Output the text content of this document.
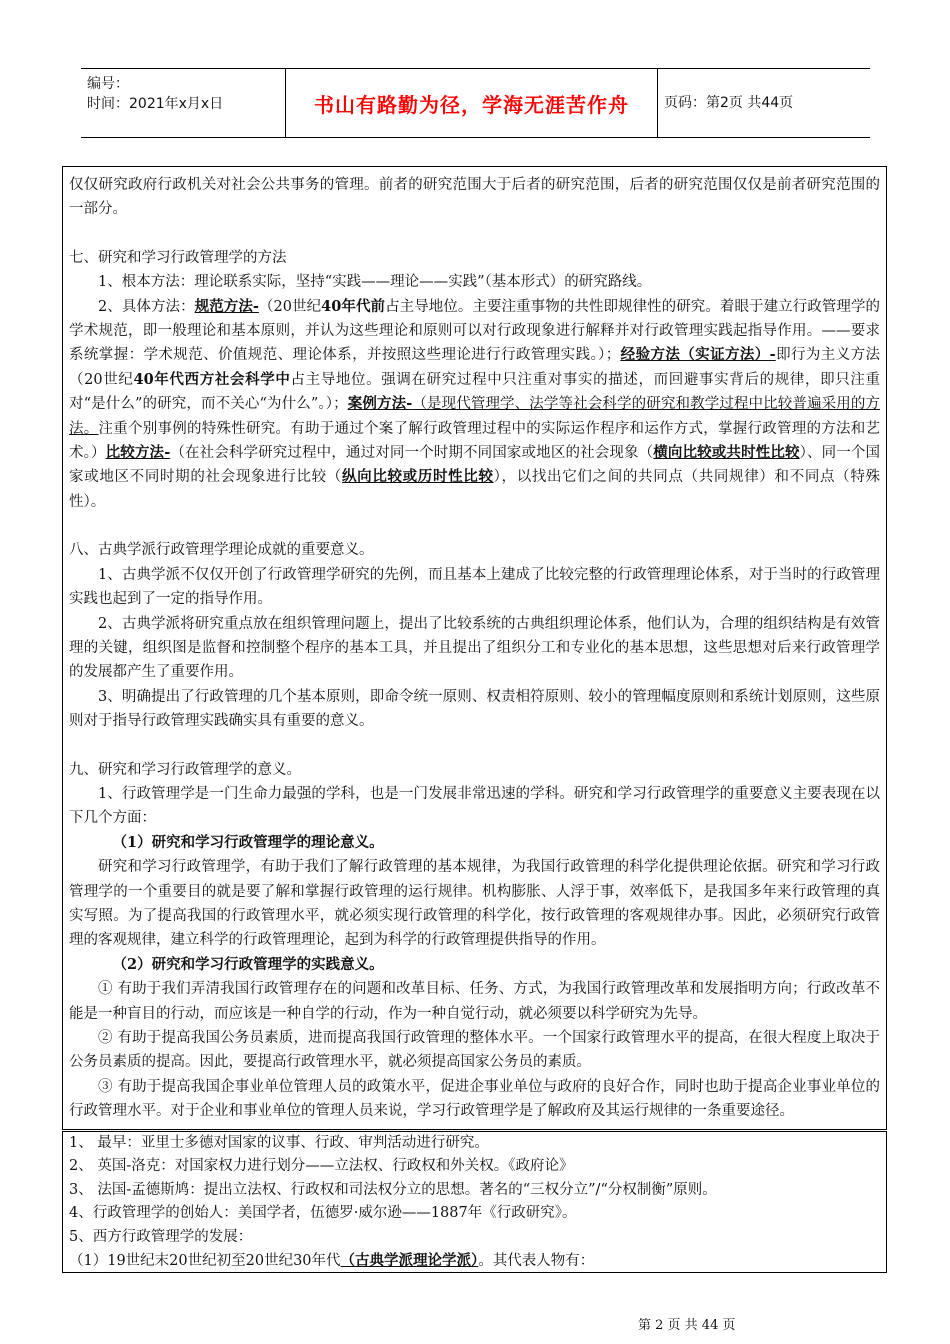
编号：
时间：2021年x月x日	书山有路勤为径，学海无涯苦作舟	页码：第2页 共44页

仅仅研究政府行政机关对社会公共事务的管理。前者的研究范围大于后者的研究范围，后者的研究范围仅仅是前者研究范围的一部分。

七、研究和学习行政管理学的方法

1、根本方法：理论联系实际，坚持“实践——理论——实践”（基本形式）的研究路线。

2、具体方法：规范方法-（20世纪40年代前占主导地位。主要注重事物的共性即规律性的研究。着眼于建立行政管理学的学术规范，即一般理论和基本原则，并认为这些理论和原则可以对行政现象进行解释并对行政管理实践起指导作用。——要求系统掌握：学术规范、价值规范、理论体系，并按照这些理论进行行政管理实践。）；经验方法（实证方法）-即行为主义方法（20世纪40年代西方社会科学中占主导地位。强调在研究过程中只注重对事实的描述，而回避事实背后的规律，即只注重对“是什么”的研究，而不关心“为什么”。）；案例方法-（是现代管理学、法学等社会科学的研究和教学过程中比较普遍采用的方法。注重个别事例的特殊性研究。有助于通过个案了解行政管理过程中的实际运作程序和运作方式，掌握行政管理的方法和艺术。）比较方法-（在社会科学研究过程中，通过对同一个时期不同国家或地区的社会现象（横向比较或共时性比较）、同一个国家或地区不同时期的社会现象进行比较（纵向比较或历时性比较），以找出它们之间的共同点（共同规律）和不同点（特殊性）。

八、古典学派行政管理学理论成就的重要意义。

1、古典学派不仅仅开创了行政管理学研究的先例，而且基本上建成了比较完整的行政管理理论体系，对于当时的行政管理实践也起到了一定的指导作用。

2、古典学派将研究重点放在组织管理问题上，提出了比较系统的古典组织理论体系，他们认为，合理的组织结构是有效管理的关键，组织图是监督和控制整个程序的基本工具，并且提出了组织分工和专业化的基本思想，这些思想对后来行政管理学的发展都产生了重要作用。

3、明确提出了行政管理的几个基本原则，即命令统一原则、权责相符原则、较小的管理幅度原则和系统计划原则，这些原则对于指导行政管理实践确实具有重要的意义。

九、研究和学习行政管理学的意义。

1、行政管理学是一门生命力最强的学科，也是一门发展非常迅速的学科。研究和学习行政管理学的重要意义主要表现在以下几个方面：

（1）研究和学习行政管理学的理论意义。

研究和学习行政管理学，有助于我们了解行政管理的基本规律，为我国行政管理的科学化提供理论依据。研究和学习行政管理学的一个重要目的就是要了解和掌握行政管理的运行规律。机构膨胀、人浮于事，效率低下，是我国多年来行政管理的真实写照。为了提高我国的行政管理水平，就必须实现行政管理的科学化，按行政管理的客观规律办事。因此，必须研究行政管理的客观规律，建立科学的行政管理理论，起到为科学的行政管理提供指导的作用。

（2）研究和学习行政管理学的实践意义。

① 有助于我们弄清我国行政管理存在的问题和改革目标、任务、方式，为我国行政管理改革和发展指明方向；行政改革不能是一种盲目的行动，而应该是一种自学的行动，作为一种自觉行动，就必须要以科学研究为先导。

② 有助于提高我国公务员素质，进而提高我国行政管理的整体水平。一个国家行政管理水平的提高，在很大程度上取决于公务员素质的提高。因此，要提高行政管理水平，就必须提高国家公务员的素质。

③ 有助于提高我国企事业单位管理人员的政策水平，促进企事业单位与政府的良好合作，同时也助于提高企业事业单位的行政管理水平。对于企业和事业单位的管理人员来说，学习行政管理学是了解政府及其运行规律的一条重要途径。

1、 最早：亚里士多德对国家的议事、行政、审判活动进行研究。

2、 英国-洛克：对国家权力进行划分——立法权、行政权和外关权。《政府论》

3、 法国-孟德斯鸠：提出立法权、行政权和司法权分立的思想。著名的“三权分立”/“分权制衡”原则。

4、行政管理学的创始人：美国学者，伍德罗·威尔逊——1887年《行政研究》。

5、西方行政管理学的发展：

（1）19世纪末20世纪初至20世纪30年代（古典学派理论学派）。其代表人物有：

第 2 页 共 44 页
